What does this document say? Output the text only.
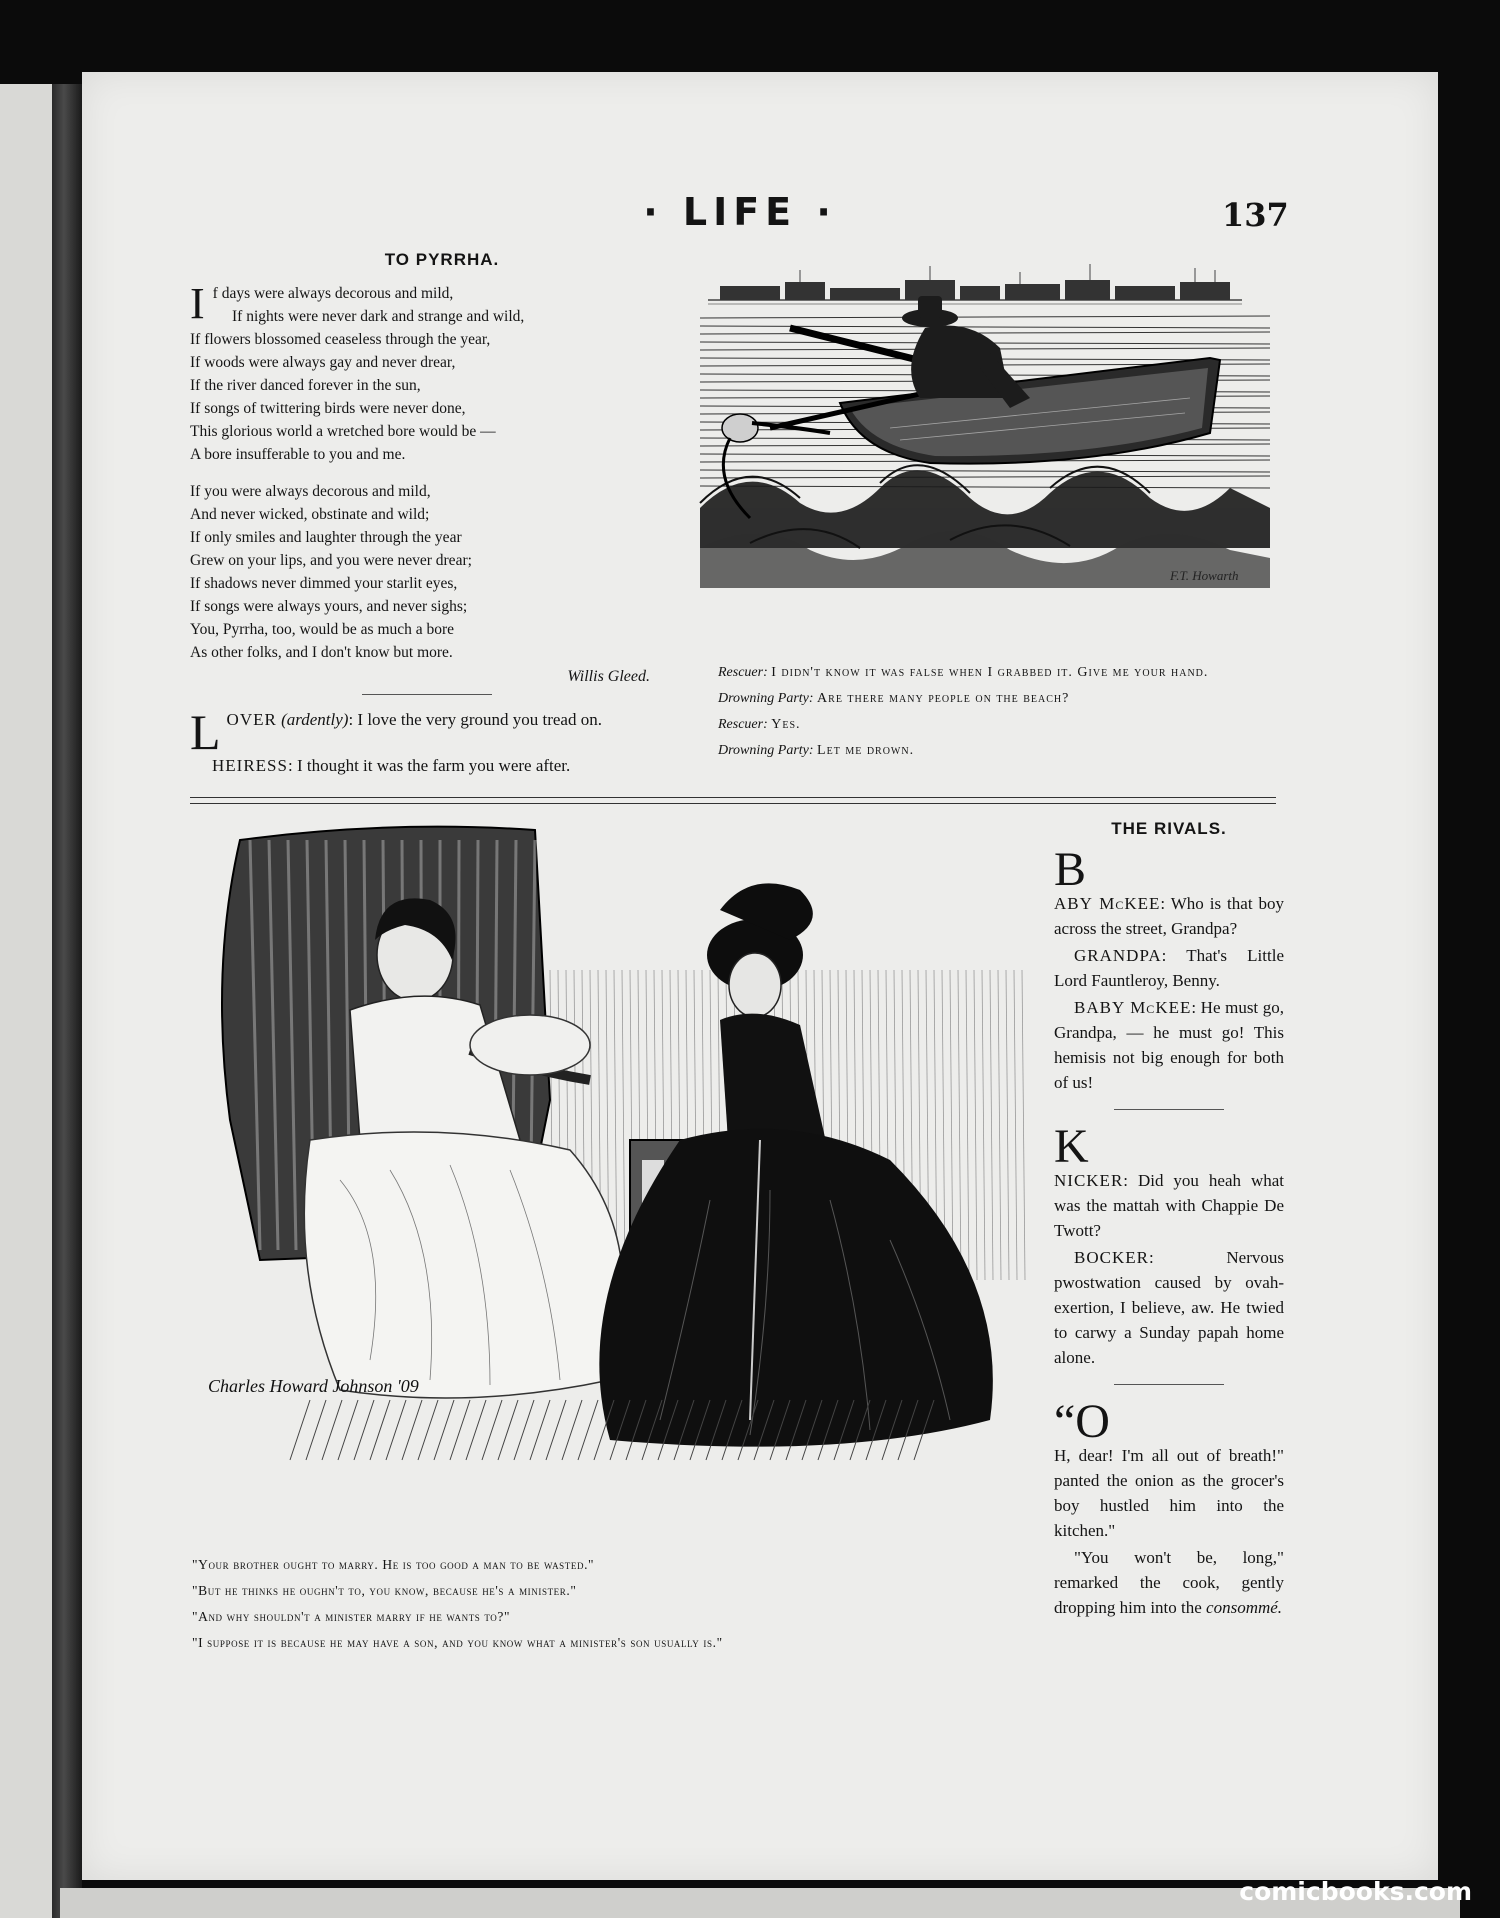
· LIFE ·	137
TO PYRRHA.
If days were always decorous and mild,
If nights were never dark and strange and wild,
If flowers blossomed ceaseless through the year,
If woods were always gay and never drear,
If the river danced forever in the sun,
If songs of twittering birds were never done,
This glorious world a wretched bore would be —
A bore insufferable to you and me.
If you were always decorous and mild,
And never wicked, obstinate and wild;
If only smiles and laughter through the year
Grew on your lips, and you were never drear;
If shadows never dimmed your starlit eyes,
If songs were always yours, and never sighs;
You, Pyrrha, too, would be as much a bore
As other folks, and I don't know but more.
Willis Gleed.
LOVER (ardently): I love the very ground you tread on.
HEIRESS: I thought it was the farm you were after.
F.T. Howarth
Rescuer: I didn't know it was false when I grabbed it. Give me your hand.
Drowning Party: Are there many people on the beach?
Rescuer: Yes.
Drowning Party: Let me drown.
Charles Howard Johnson '09
THE RIVALS.

B
ABY McKEE: Who is that boy across the street, Grandpa?

GRANDPA: That's Little Lord Fauntleroy, Benny.

BABY McKEE: He must go, Grandpa, — he must go! This hemisis not big enough for both of us!

K
NICKER: Did you heah what was the mattah with Chappie De Twott?

BOCKER: Nervous pwostwation caused by ovah-exertion, I believe, aw. He twied to carwy a Sunday papah home alone.

“O
H, dear! I'm all out of breath!" panted the onion as the grocer's boy hustled him into the kitchen."

"You won't be, long," remarked the cook, gently dropping him into the consommé.

"Your brother ought to marry. He is too good a man to be wasted."
"But he thinks he oughn't to, you know, because he's a minister."
"And why shouldn't a minister marry if he wants to?"
"I suppose it is because he may have a son, and you know what a minister's son usually is."
comicbooks.com
